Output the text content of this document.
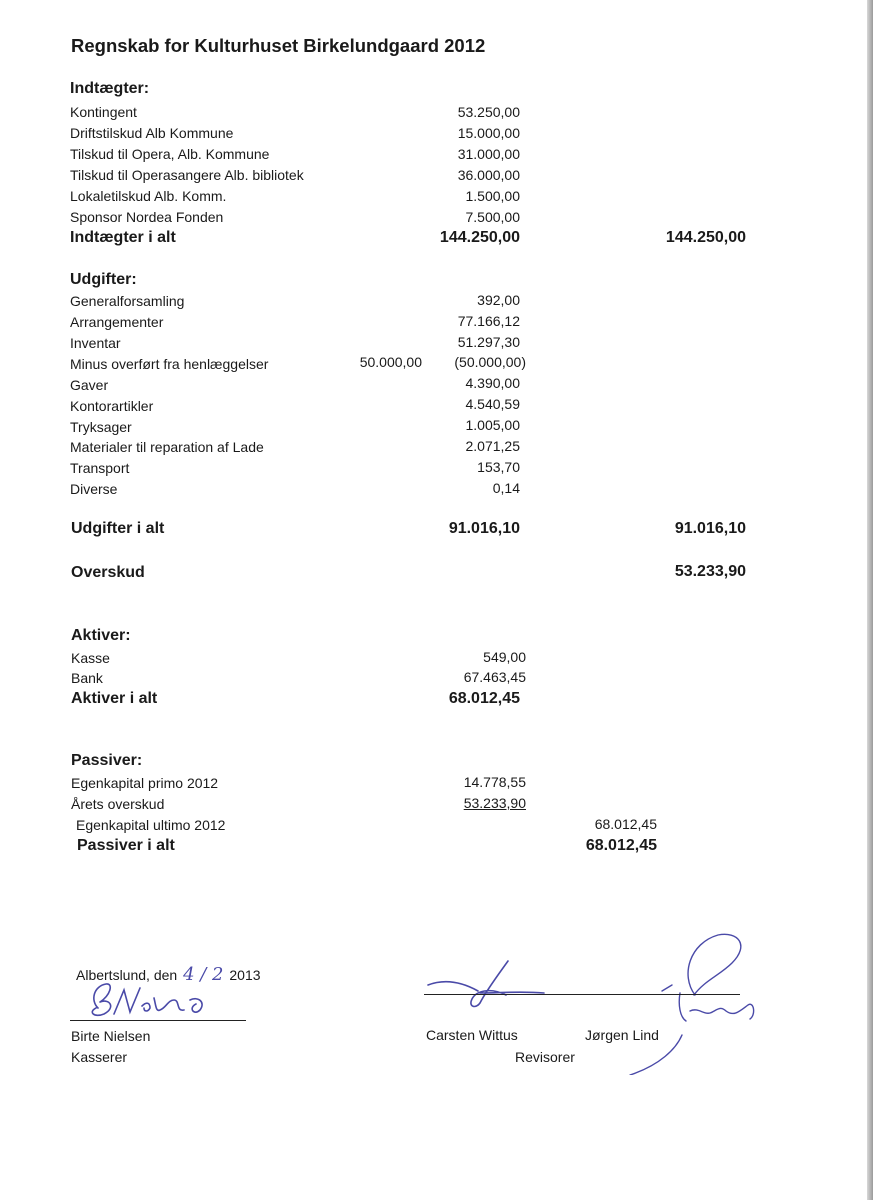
Regnskab for Kulturhuset Birkelundgaard 2012
Indtægter:
Kontingent	53.250,00
Driftstilskud Alb Kommune	15.000,00
Tilskud til Opera, Alb. Kommune	31.000,00
Tilskud til Operasangere Alb. bibliotek	36.000,00
Lokaletilskud Alb. Komm.	1.500,00
Sponsor Nordea Fonden	7.500,00
Indtægter i alt	144.250,00	144.250,00
Udgifter:
Generalforsamling	392,00
Arrangementer	77.166,12
Inventar	51.297,30
Minus overført fra henlæggelser	50.000,00	(50.000,00)
Gaver	4.390,00
Kontorartikler	4.540,59
Tryksager	1.005,00
Materialer til reparation af Lade	2.071,25
Transport	153,70
Diverse	0,14
Udgifter i alt	91.016,10	91.016,10
Overskud	53.233,90
Aktiver:
Kasse	549,00
Bank	67.463,45
Aktiver i alt	68.012,45
Passiver:
Egenkapital primo 2012	14.778,55
Årets overskud	53.233,90
Egenkapital ultimo 2012	68.012,45
Passiver i alt	68.012,45
Albertslund, den 4 / 2 2013
Birte Nielsen
Kasserer
Carsten Wittus	Jørgen Lind
Revisorer
